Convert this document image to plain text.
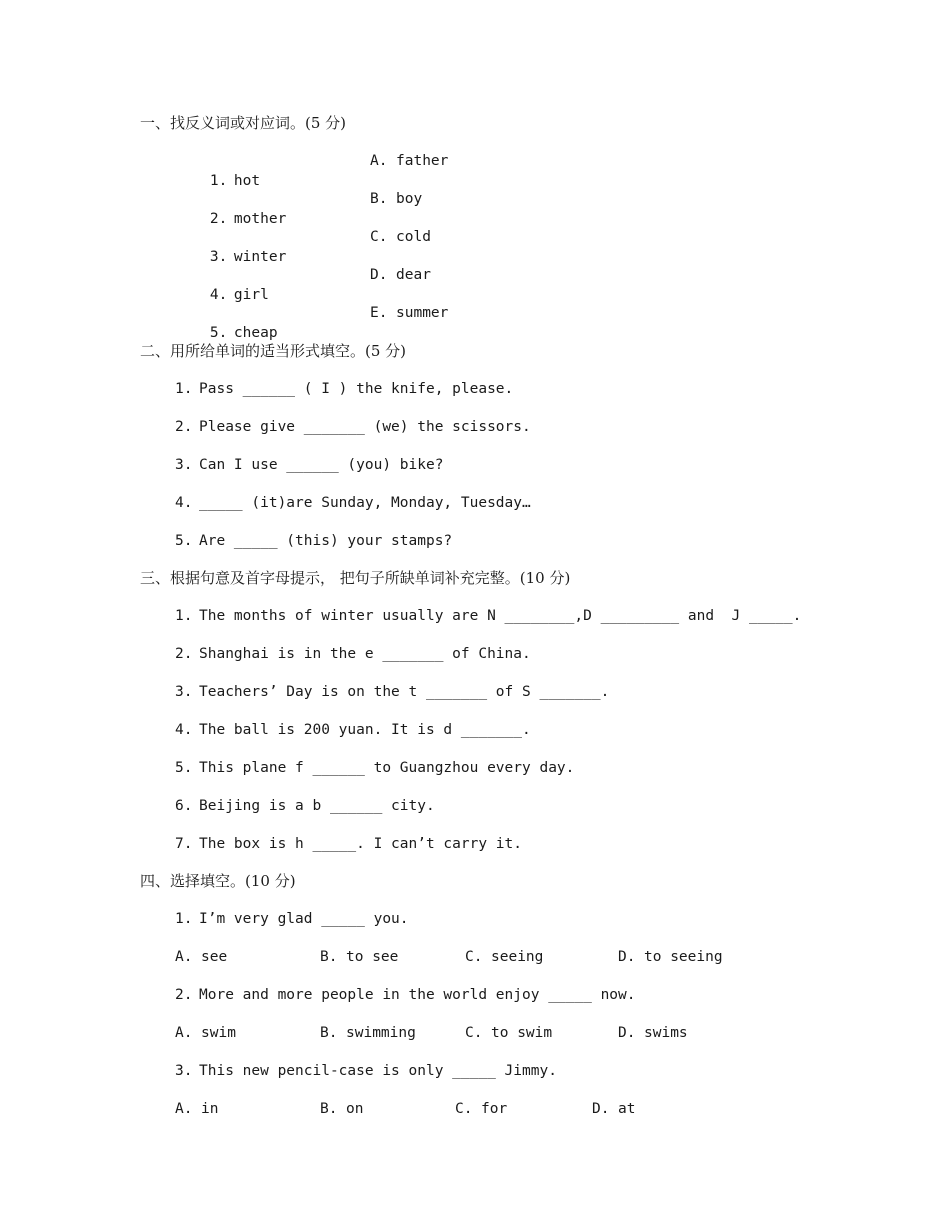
一、找反义词或对应词。(5 分)

1. hot

A. father

2. mother

B. boy

3. winter

C. cold

4. girl

D. dear

5. cheap

E. summer

二、用所给单词的适当形式填空。(5 分)
1. Pass ______ ( I ) the knife, please.
2. Please give _______ (we) the scissors.
3. Can I use ______ (you) bike?
4. _____ (it)are Sunday, Monday, Tuesday…
5. Are _____ (this) your stamps?
三、根据句意及首字母提示， 把句子所缺单词补充完整。(10 分)
1. The months of winter usually are N ________,D _________ and  J _____.
2. Shanghai is in the e _______ of China.
3. Teachers’ Day is on the t _______ of S _______.
4. The ball is 200 yuan. It is d _______.
5. This plane f ______ to Guangzhou every day.
6. Beijing is a b ______ city.
7. The box is h _____. I can’t carry it.
四、选择填空。(10 分)
1. I’m very glad _____ you.

A. see

	B. to see

	C. seeing

	D. to seeing

2. More and more people in the world enjoy _____ now.

A. swim

	B. swimming

	C. to swim

	D. swims

3. This new pencil-case is only _____ Jimmy.

A. in

	B. on

	C. for

	D. at
